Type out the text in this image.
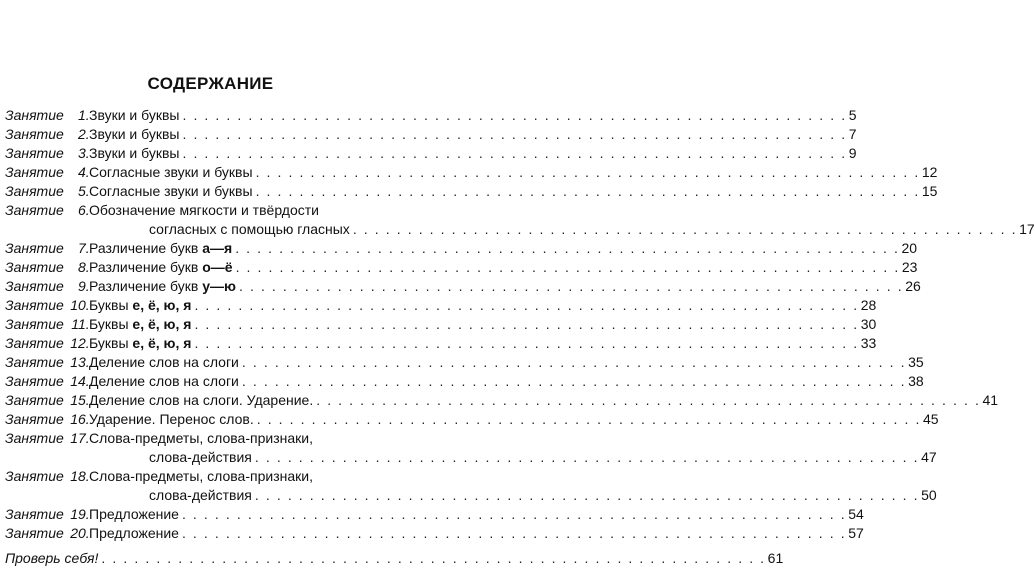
СОДЕРЖАНИЕ
Занятие 1. Звуки и буквы . . . . . . . . . . . . . . . . . . . . . . . . . . . . . . . . . . . . . . . . . . . . . . . . . . . . . . . . . . . . . 5
Занятие 2. Звуки и буквы . . . . . . . . . . . . . . . . . . . . . . . . . . . . . . . . . . . . . . . . . . . . . . . . . . . . . . . . . . . . . 7
Занятие 3. Звуки и буквы . . . . . . . . . . . . . . . . . . . . . . . . . . . . . . . . . . . . . . . . . . . . . . . . . . . . . . . . . . . . . 9
Занятие 4. Согласные звуки и буквы . . . . . . . . . . . . . . . . . . . . . . . . . . . . . . . . . . . . . . . . . . . . . . . . . . . . . . . . . . . . . 12
Занятие 5. Согласные звуки и буквы . . . . . . . . . . . . . . . . . . . . . . . . . . . . . . . . . . . . . . . . . . . . . . . . . . . . . . . . . . . . . 15
Занятие 6. Обозначение мягкости и твёрдости
согласных с помощью гласных . . . . . . . . . . . . . . . . . . . . . . . . . . . . . . . . . . . . . . . . . . . . . . . . . . . . . . . . . . . . . 17
Занятие 7. Различение букв а—я . . . . . . . . . . . . . . . . . . . . . . . . . . . . . . . . . . . . . . . . . . . . . . . . . . . . . . . . . . . . . 20
Занятие 8. Различение букв о—ё . . . . . . . . . . . . . . . . . . . . . . . . . . . . . . . . . . . . . . . . . . . . . . . . . . . . . . . . . . . . . 23
Занятие 9. Различение букв у—ю . . . . . . . . . . . . . . . . . . . . . . . . . . . . . . . . . . . . . . . . . . . . . . . . . . . . . . . . . . . . . 26
Занятие 10. Буквы е, ё, ю, я . . . . . . . . . . . . . . . . . . . . . . . . . . . . . . . . . . . . . . . . . . . . . . . . . . . . . . . . . . . . . 28
Занятие 11. Буквы е, ё, ю, я . . . . . . . . . . . . . . . . . . . . . . . . . . . . . . . . . . . . . . . . . . . . . . . . . . . . . . . . . . . . . 30
Занятие 12. Буквы е, ё, ю, я . . . . . . . . . . . . . . . . . . . . . . . . . . . . . . . . . . . . . . . . . . . . . . . . . . . . . . . . . . . . . 33
Занятие 13. Деление слов на слоги . . . . . . . . . . . . . . . . . . . . . . . . . . . . . . . . . . . . . . . . . . . . . . . . . . . . . . . . . . . . . 35
Занятие 14. Деление слов на слоги . . . . . . . . . . . . . . . . . . . . . . . . . . . . . . . . . . . . . . . . . . . . . . . . . . . . . . . . . . . . . 38
Занятие 15. Деление слов на слоги. Ударение. . . . . . . . . . . . . . . . . . . . . . . . . . . . . . . . . . . . . . . . . . . . . . . . . . . . . . . . . . . . . . 41
Занятие 16. Ударение. Перенос слов. . . . . . . . . . . . . . . . . . . . . . . . . . . . . . . . . . . . . . . . . . . . . . . . . . . . . . . . . . . . . . 45
Занятие 17. Слова-предметы, слова-признаки,
слова-действия . . . . . . . . . . . . . . . . . . . . . . . . . . . . . . . . . . . . . . . . . . . . . . . . . . . . . . . . . . . . . 47
Занятие 18. Слова-предметы, слова-признаки,
слова-действия . . . . . . . . . . . . . . . . . . . . . . . . . . . . . . . . . . . . . . . . . . . . . . . . . . . . . . . . . . . . . 50
Занятие 19. Предложение . . . . . . . . . . . . . . . . . . . . . . . . . . . . . . . . . . . . . . . . . . . . . . . . . . . . . . . . . . . . . 54
Занятие 20. Предложение . . . . . . . . . . . . . . . . . . . . . . . . . . . . . . . . . . . . . . . . . . . . . . . . . . . . . . . . . . . . . 57
Проверь себя! . . . . . . . . . . . . . . . . . . . . . . . . . . . . . . . . . . . . . . . . . . . . . . . . . . . . . . . . . . . . . 61
